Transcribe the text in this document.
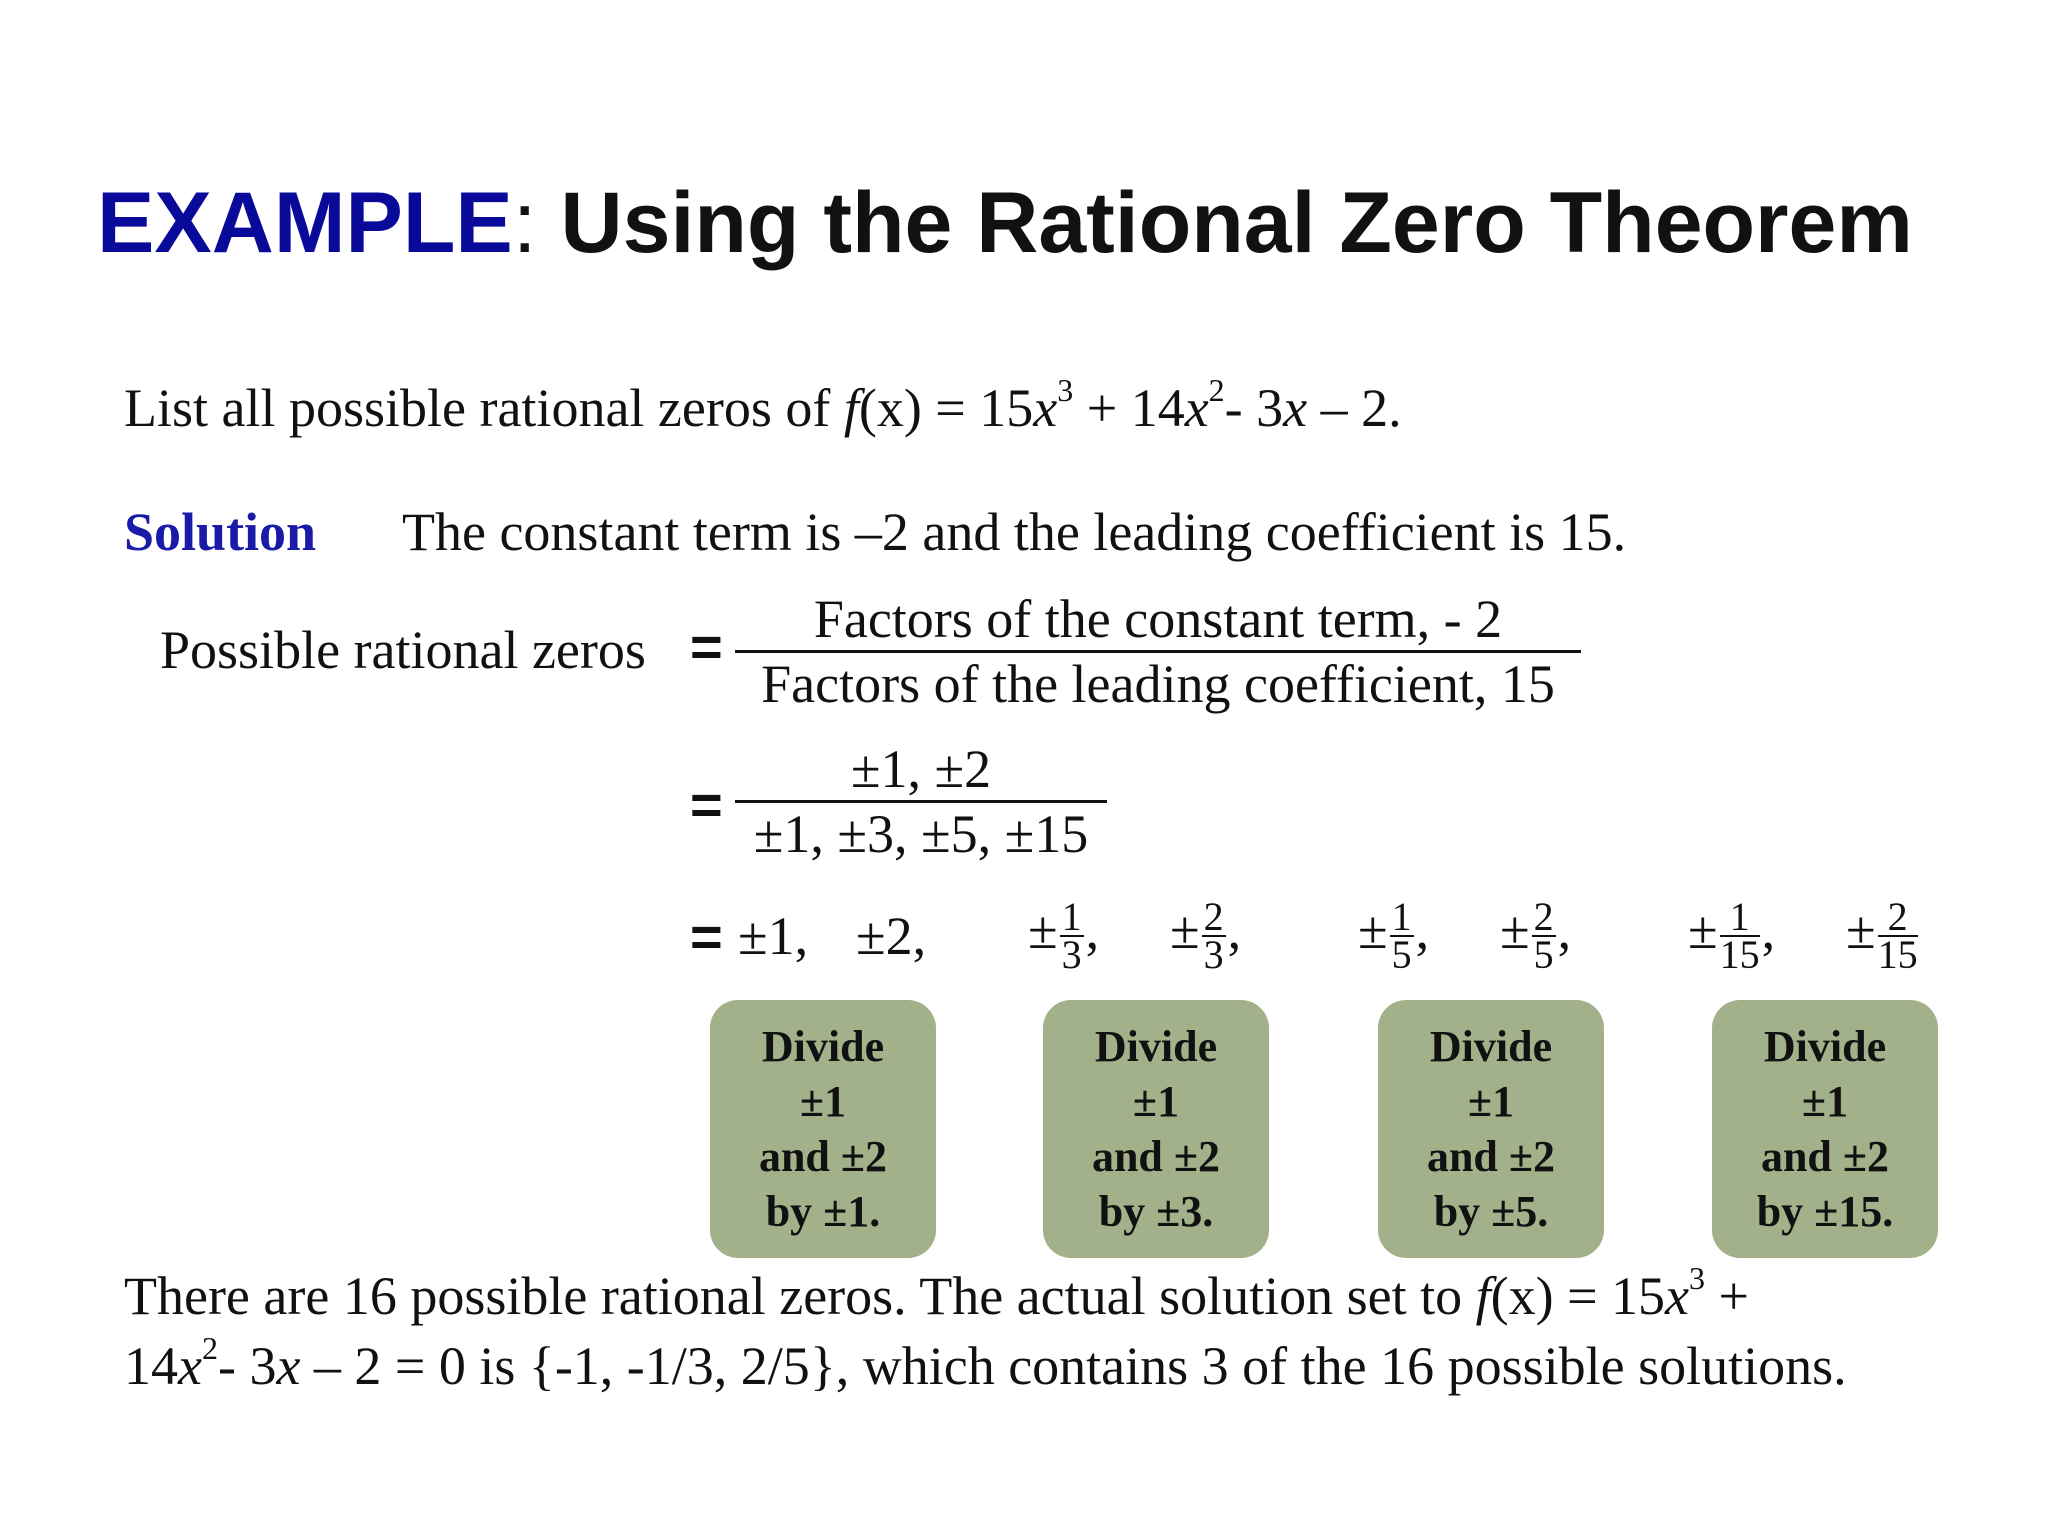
EXAMPLE: Using the Rational Zero Theorem
List all possible rational zeros of $f(x) = 15x^3 + 14x^2-$ 3x – 2.
Solution The constant term is –2 and the leading coefficient is 15.
Possible rational zeros =	Factors of the constant term, - 2
Factors of the leading coefficient, 15
=
±1, ±2
±1, ±3, ±5, ±15
= ±1, ±2, ± $\frac{1}{3}$ , ± $\frac{2}{3}$ , ± $\frac{1}{5}$ , ± $\frac{2}{5}$ , ± $\frac{1}{15}$ , ± $\frac{2}{15}$
Divide
±1
and ±2
by ±1.
Divide
±1
and ±2
by ±3.
Divide
±1
and ±2
by ±5.
Divide
±1
and ±2
by ±15.
There are 16 possible rational zeros. The actual solution set to $f(x) = 15x^3$ +
$14x^2-$ 3x – 2 = 0 is {-1, -1/3, 2/5}, which contains 3 of the 16 possible solutions.
